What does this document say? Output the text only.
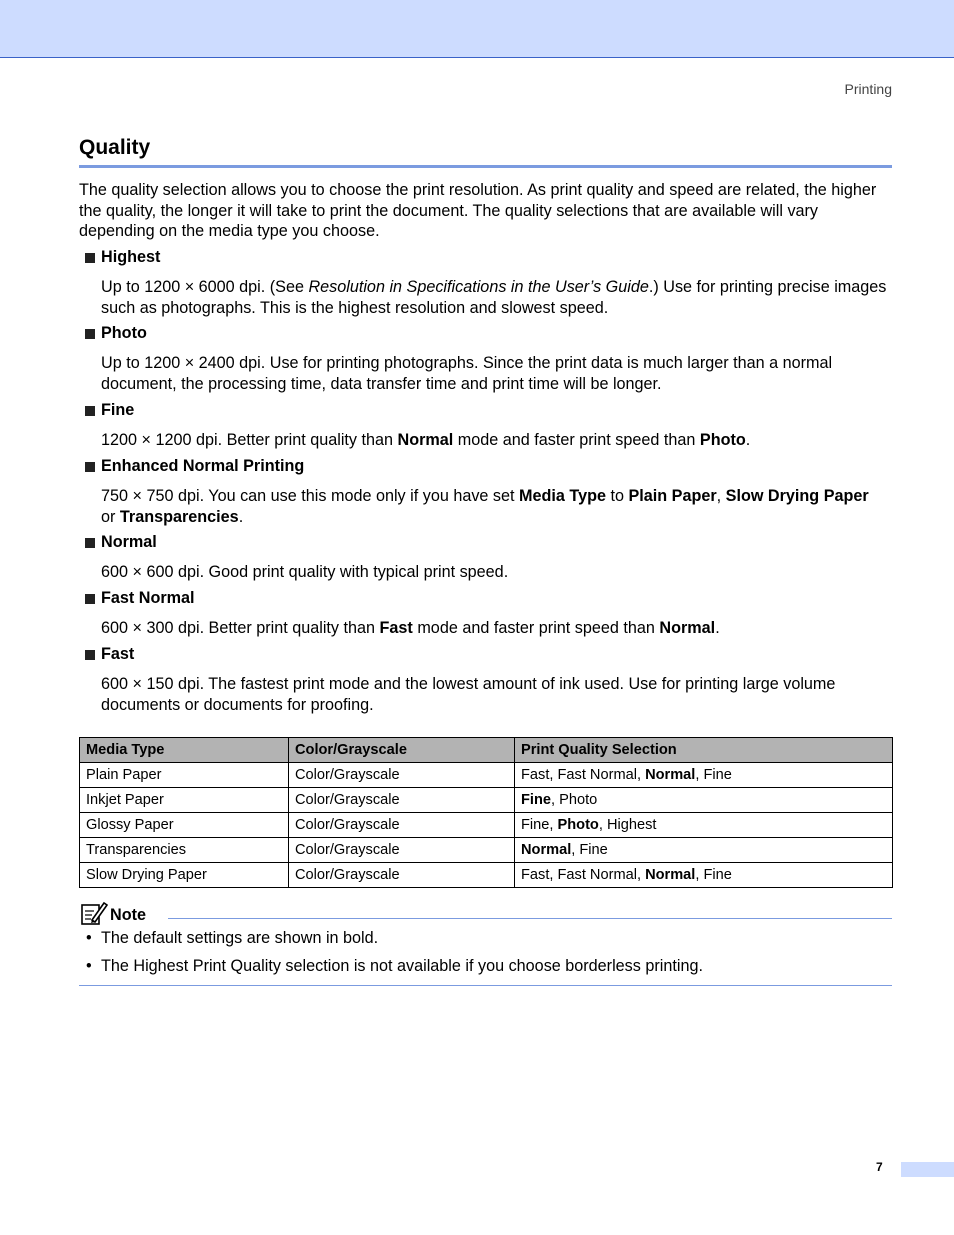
Printing
Quality

The quality selection allows you to choose the print resolution. As print quality and speed are related, the higher the quality, the longer it will take to print the document. The quality selections that are available will vary depending on the media type you choose.

Highest

Up to 1200 × 6000 dpi. (See Resolution in Specifications in the User’s Guide.) Use for printing precise images such as photographs. This is the highest resolution and slowest speed.

Photo

Up to 1200 × 2400 dpi. Use for printing photographs. Since the print data is much larger than a normal document, the processing time, data transfer time and print time will be longer.

Fine

1200 × 1200 dpi. Better print quality than Normal mode and faster print speed than Photo.

Enhanced Normal Printing

750 × 750 dpi. You can use this mode only if you have set Media Type to Plain Paper, Slow Drying Paper  or Transparencies.

Normal

600 × 600 dpi. Good print quality with typical print speed.

Fast Normal

600 × 300 dpi. Better print quality than Fast mode and faster print speed than Normal.

Fast

600 × 150 dpi. The fastest print mode and the lowest amount of ink used. Use for printing large volume documents or documents for proofing.

Media Type	Color/Grayscale	Print Quality Selection
Plain Paper	Color/Grayscale	Fast, Fast Normal, Normal, Fine
Inkjet Paper	Color/Grayscale	Fine, Photo
Glossy Paper	Color/Grayscale	Fine, Photo, Highest
Transparencies	Color/Grayscale	Normal, Fine
Slow Drying Paper	Color/Grayscale	Fast, Fast Normal, Normal, Fine
Note
• The default settings are shown in bold.
• The Highest Print Quality selection is not available if you choose borderless printing.
7
